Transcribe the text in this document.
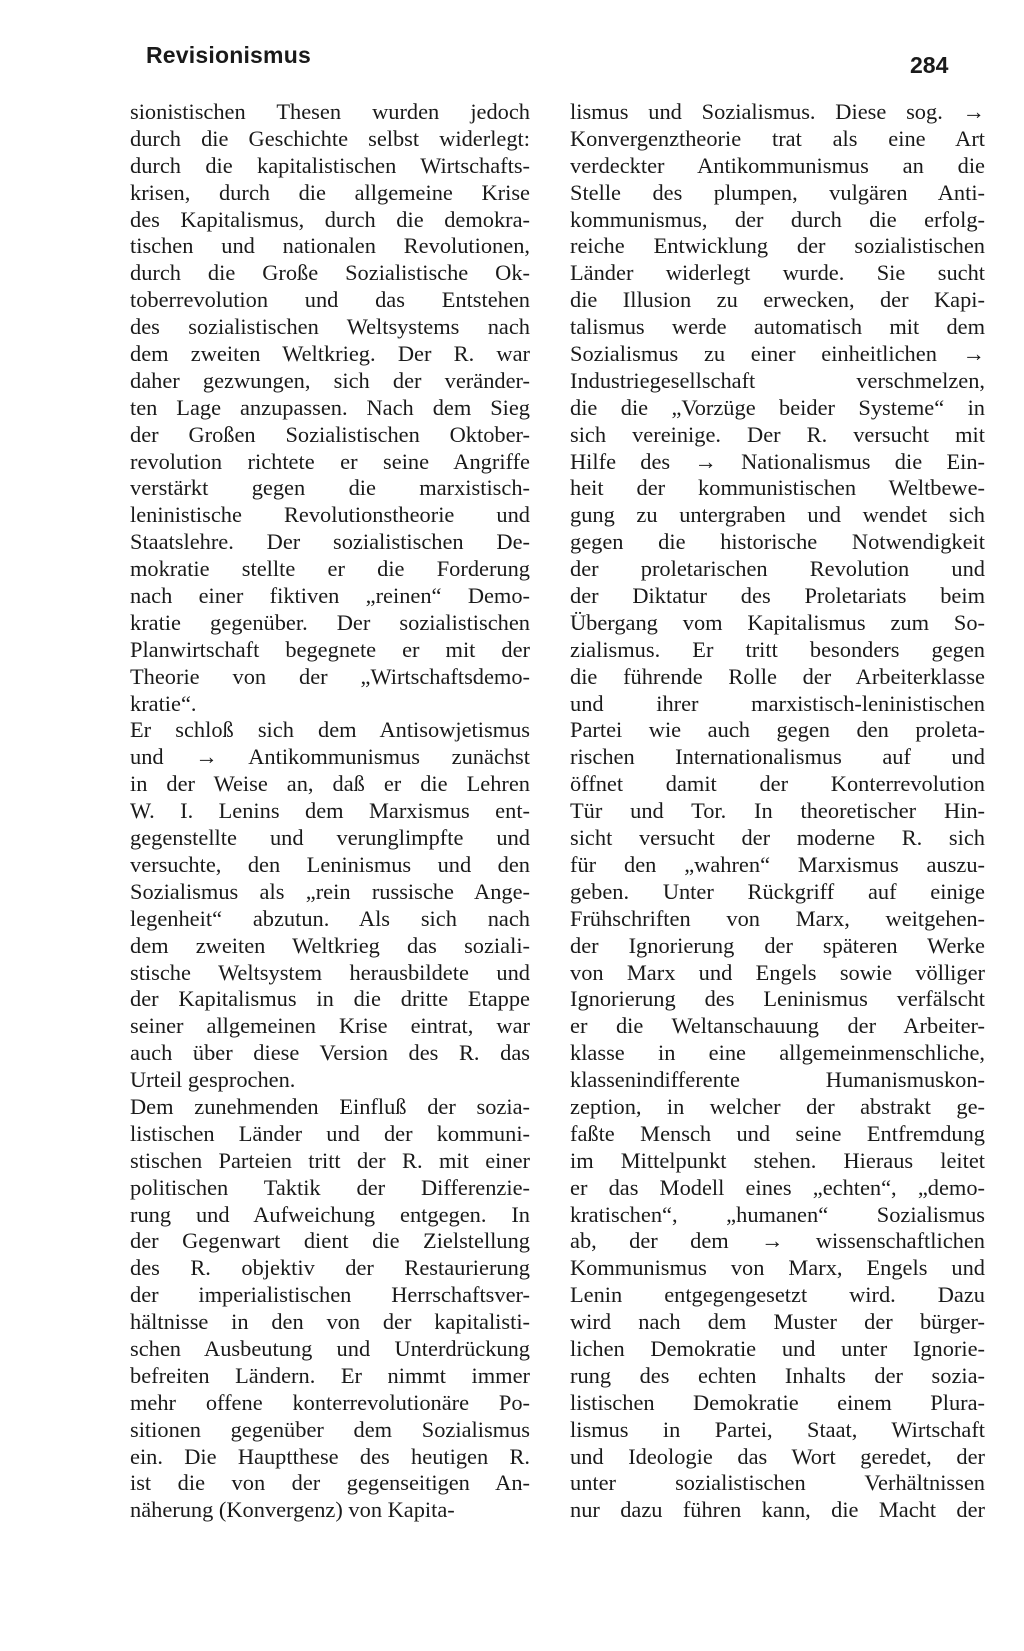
Revisionismus	284
sionistischen Thesen wurden jedoch
durch die Geschichte selbst widerlegt:
durch die kapitalistischen Wirtschafts-
krisen, durch die allgemeine Krise
des Kapitalismus, durch die demokra-
tischen und nationalen Revolutionen,
durch die Große Sozialistische Ok-
toberrevolution und das Entstehen
des sozialistischen Weltsystems nach
dem zweiten Weltkrieg. Der R. war
daher gezwungen, sich der veränder-
ten Lage anzupassen. Nach dem Sieg
der Großen Sozialistischen Oktober-
revolution richtete er seine Angriffe
verstärkt gegen die marxistisch-
leninistische Revolutionstheorie und
Staatslehre. Der sozialistischen De-
mokratie stellte er die Forderung
nach einer fiktiven „reinen“ Demo-
kratie gegenüber. Der sozialistischen
Planwirtschaft begegnete er mit der
Theorie von der „Wirtschaftsdemo-
kratie“.
Er schloß sich dem Antisowjetismus
und → Antikommunismus zunächst
in der Weise an, daß er die Lehren
W. I. Lenins dem Marxismus ent-
gegenstellte und verunglimpfte und
versuchte, den Leninismus und den
Sozialismus als „rein russische Ange-
legenheit“ abzutun. Als sich nach
dem zweiten Weltkrieg das soziali-
stische Weltsystem herausbildete und
der Kapitalismus in die dritte Etappe
seiner allgemeinen Krise eintrat, war
auch über diese Version des R. das
Urteil gesprochen.
Dem zunehmenden Einfluß der sozia-
listischen Länder und der kommuni-
stischen Parteien tritt der R. mit einer
politischen Taktik der Differenzie-
rung und Aufweichung entgegen. In
der Gegenwart dient die Zielstellung
des R. objektiv der Restaurierung
der imperialistischen Herrschaftsver-
hältnisse in den von der kapitalisti-
schen Ausbeutung und Unterdrückung
befreiten Ländern. Er nimmt immer
mehr offene konterrevolutionäre Po-
sitionen gegenüber dem Sozialismus
ein. Die Hauptthese des heutigen R.
ist die von der gegenseitigen An-
näherung (Konvergenz) von Kapita-
lismus und Sozialismus. Diese sog. →
Konvergenztheorie trat als eine Art
verdeckter Antikommunismus an die
Stelle des plumpen, vulgären Anti-
kommunismus, der durch die erfolg-
reiche Entwicklung der sozialistischen
Länder widerlegt wurde. Sie sucht
die Illusion zu erwecken, der Kapi-
talismus werde automatisch mit dem
Sozialismus zu einer einheitlichen →
Industriegesellschaft verschmelzen,
die die „Vorzüge beider Systeme“ in
sich vereinige. Der R. versucht mit
Hilfe des → Nationalismus die Ein-
heit der kommunistischen Weltbewe-
gung zu untergraben und wendet sich
gegen die historische Notwendigkeit
der proletarischen Revolution und
der Diktatur des Proletariats beim
Übergang vom Kapitalismus zum So-
zialismus. Er tritt besonders gegen
die führende Rolle der Arbeiterklasse
und ihrer marxistisch-leninistischen
Partei wie auch gegen den proleta-
rischen Internationalismus auf und
öffnet damit der Konterrevolution
Tür und Tor. In theoretischer Hin-
sicht versucht der moderne R. sich
für den „wahren“ Marxismus auszu-
geben. Unter Rückgriff auf einige
Frühschriften von Marx, weitgehen-
der Ignorierung der späteren Werke
von Marx und Engels sowie völliger
Ignorierung des Leninismus verfälscht
er die Weltanschauung der Arbeiter-
klasse in eine allgemeinmenschliche,
klassenindifferente Humanismuskon-
zeption, in welcher der abstrakt ge-
faßte Mensch und seine Entfremdung
im Mittelpunkt stehen. Hieraus leitet
er das Modell eines „echten“, „demo-
kratischen“, „humanen“ Sozialismus
ab, der dem → wissenschaftlichen
Kommunismus von Marx, Engels und
Lenin entgegengesetzt wird. Dazu
wird nach dem Muster der bürger-
lichen Demokratie und unter Ignorie-
rung des echten Inhalts der sozia-
listischen Demokratie einem Plura-
lismus in Partei, Staat, Wirtschaft
und Ideologie das Wort geredet, der
unter sozialistischen Verhältnissen
nur dazu führen kann, die Macht der
